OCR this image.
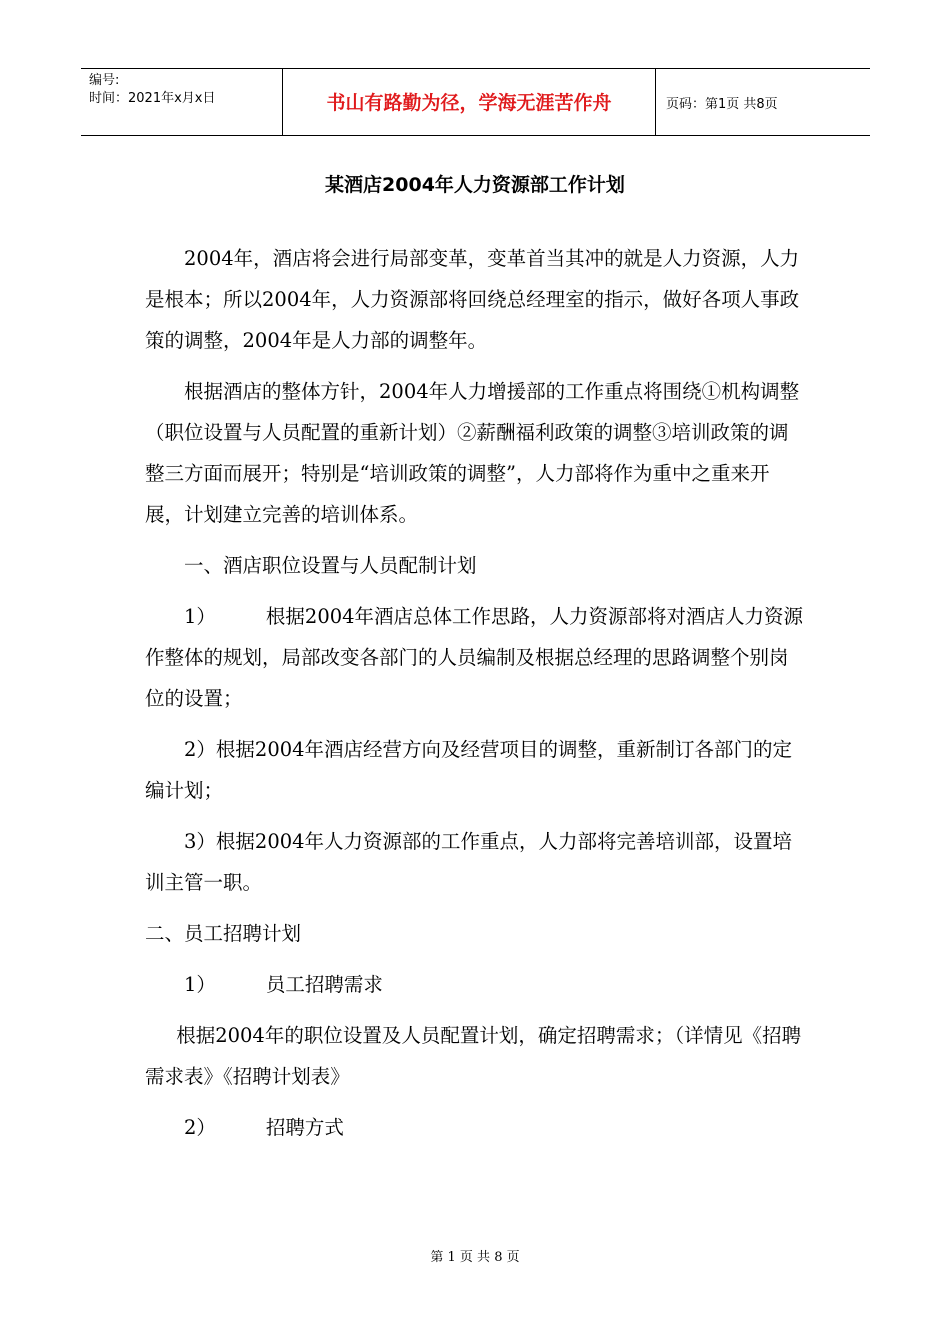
编号:
时间：2021年x月x日	书山有路勤为径，学海无涯苦作舟	页码：第1页 共8页
某酒店2004年人力资源部工作计划

2004年，酒店将会进行局部变革，变革首当其冲的就是人力资源，人力是根本；所以2004年，人力资源部将回绕总经理室的指示，做好各项人事政策的调整，2004年是人力部的调整年。

根据酒店的整体方针，2004年人力增援部的工作重点将围绕①机构调整（职位设置与人员配置的重新计划）②薪酬福利政策的调整③培训政策的调整三方面而展开；特别是“培训政策的调整”，人力部将作为重中之重来开展，计划建立完善的培训体系。

一、酒店职位设置与人员配制计划

1）	根据2004年酒店总体工作思路，人力资源部将对酒店人力资源作整体的规划，局部改变各部门的人员编制及根据总经理的思路调整个别岗位的设置；

2）根据2004年酒店经营方向及经营项目的调整，重新制订各部门的定编计划；

3）根据2004年人力资源部的工作重点，人力部将完善培训部，设置培训主管一职。

二、员工招聘计划

1）	员工招聘需求

根据2004年的职位设置及人员配置计划，确定招聘需求；（详情见《招聘需求表》《招聘计划表》

2）	招聘方式

第 1 页 共 8 页
